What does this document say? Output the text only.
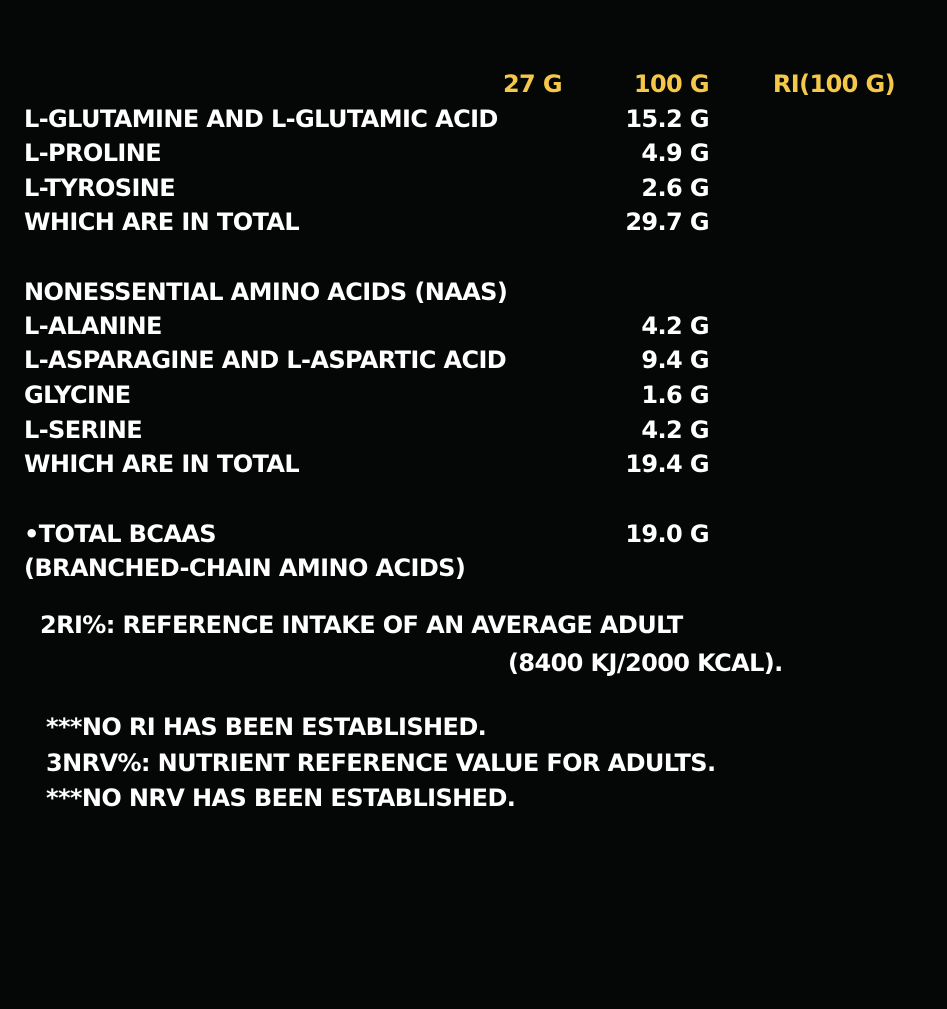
27 G	100 G	RI(100 G)
L-GLUTAMINE AND L-GLUTAMIC ACID	15.2 G
L-PROLINE	4.9 G
L-TYROSINE	2.6 G
WHICH ARE IN TOTAL	29.7 G
NONESSENTIAL AMINO ACIDS (NAAS)
L-ALANINE	4.2 G
L-ASPARAGINE AND L-ASPARTIC ACID	9.4 G
GLYCINE	1.6 G
L-SERINE	4.2 G
WHICH ARE IN TOTAL	19.4 G
•TOTAL BCAAS	19.0 G
(BRANCHED-CHAIN AMINO ACIDS)
2RI%: REFERENCE INTAKE OF AN AVERAGE ADULT
(8400 KJ/2000 KCAL).
***NO RI HAS BEEN ESTABLISHED.
3NRV%: NUTRIENT REFERENCE VALUE FOR ADULTS.
***NO NRV HAS BEEN ESTABLISHED.
